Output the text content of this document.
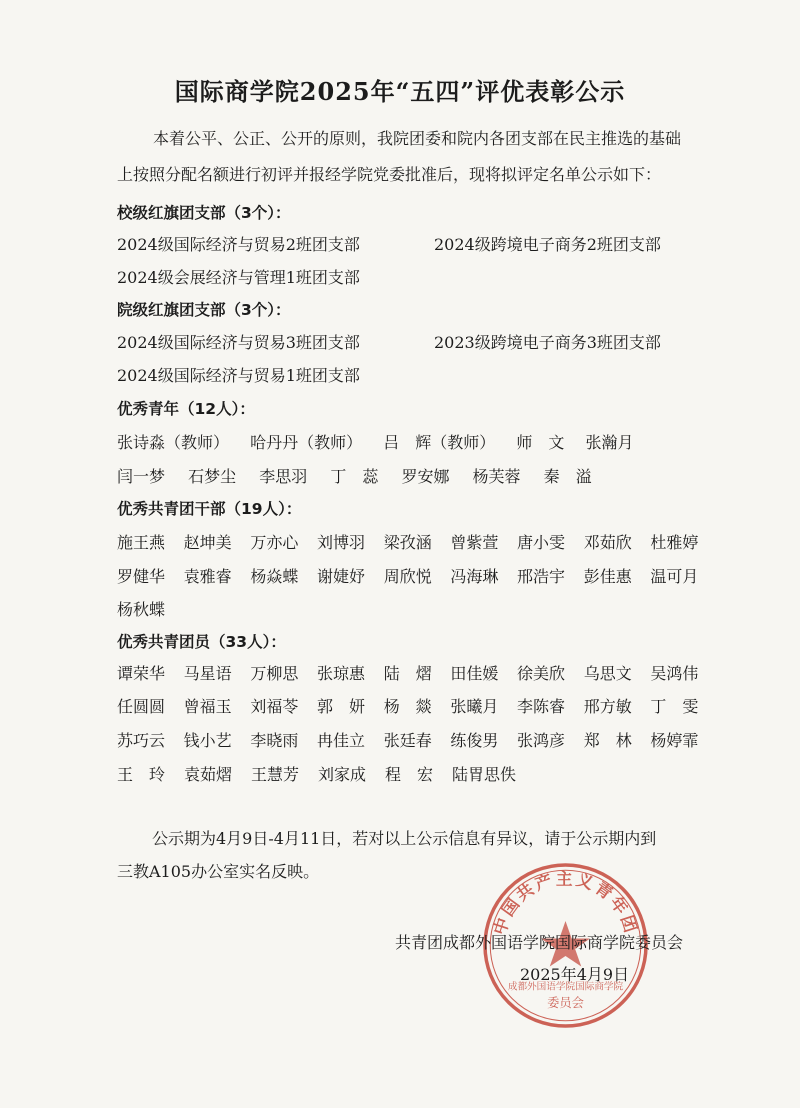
国际商学院2025年“五四”评优表彰公示
本着公平、公正、公开的原则，我院团委和院内各团支部在民主推选的基础
上按照分配名额进行初评并报经学院党委批准后，现将拟评定名单公示如下：
校级红旗团支部（3个）：
2024级国际经济与贸易2班团支部	2024级跨境电子商务2班团支部
2024级会展经济与管理1班团支部
院级红旗团支部（3个）：
2024级国际经济与贸易3班团支部	2023级跨境电子商务3班团支部
2024级国际经济与贸易1班团支部
优秀青年（12人）：
张诗淼（教师） 哈丹丹（教师） 吕　辉（教师） 师　文 张瀚月
闫一梦 石梦尘 李思羽 丁　蕊 罗安娜 杨芙蓉 秦　溢
优秀共青团干部（19人）：
施王燕	赵坤美	万亦心	刘博羽	梁孜涵	曾紫萱	唐小雯	邓茹欣	杜雅婷
罗健华	袁雅睿	杨焱蝶	谢婕妤	周欣悦	冯海琳	邢浩宇	彭佳惠	温可月
杨秋蝶
优秀共青团员（33人）：
谭荣华	马星语	万柳思	张琼惠	陆　熠	田佳媛	徐美欣	乌思文	吴鸿伟
任圆圆	曾福玉	刘福苓	郭　妍	杨　燚	张曦月	李陈睿	邢方敏	丁　雯
苏巧云	钱小艺	李晓雨	冉佳立	张廷春	练俊男	张鸿彦	郑　林	杨婷霏
王　玲	袁茹熠	王慧芳	刘家成	程　宏	陆胃思佚
公示期为4月9日-4月11日，若对以上公示信息有异议，请于公示期内到
三教A105办公室实名反映。
中国共产主义青年团
成都外国语学院国际商学院
委员会
共青团成都外国语学院国际商学院委员会
2025年4月9日
